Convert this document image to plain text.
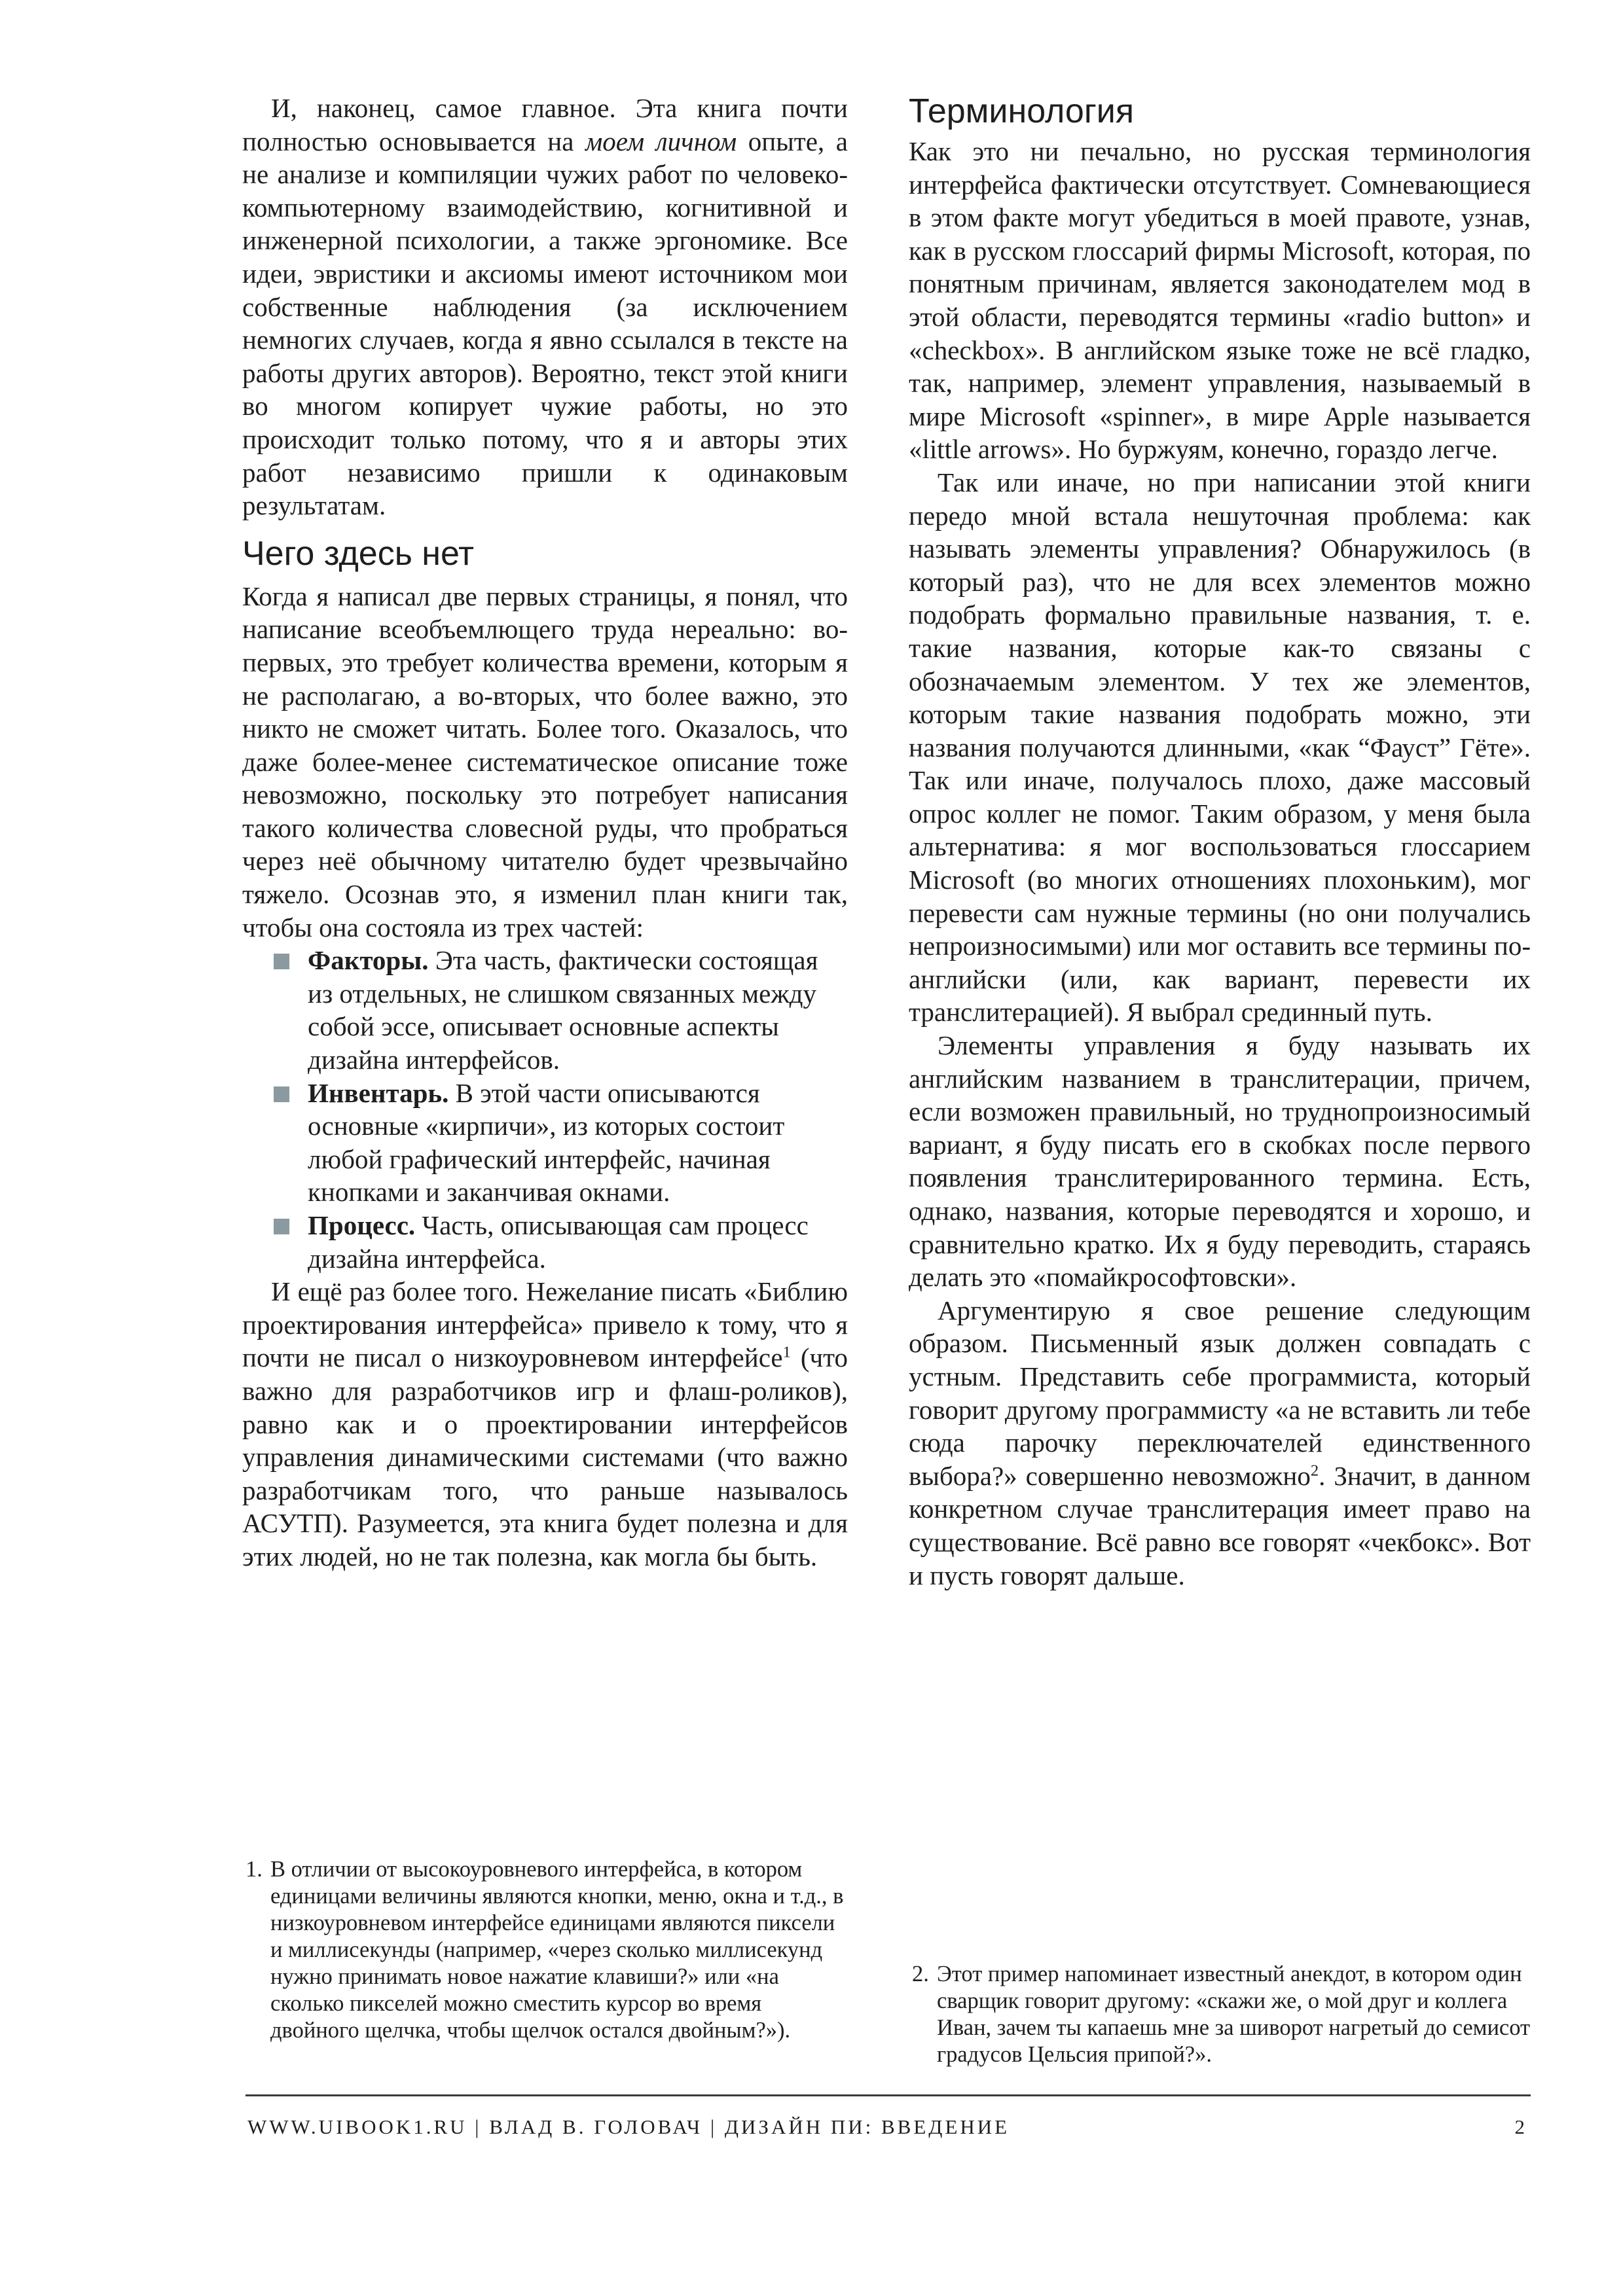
И, наконец, самое главное. Эта книга почти полностью основывается на моем личном опыте, а не анализе и компиляции чужих работ по человеко-компьютерному взаимодействию, когнитивной и инженерной психологии, а также эргономике. Все идеи, эвристики и аксиомы имеют источником мои собственные наблюдения (за исключением немногих случаев, когда я явно ссылался в тексте на работы других авторов). Вероятно, текст этой книги во многом копирует чужие работы, но это происходит только потому, что я и авторы этих работ независимо пришли к одинаковым результатам.

Чего здесь нет

Когда я написал две первых страницы, я понял, что написание всеобъемлющего труда нереально: во-первых, это требует количества времени, которым я не располагаю, а во-вторых, что более важно, это никто не сможет читать. Более того. Оказалось, что даже более-менее систематическое описание тоже невозможно, поскольку это потребует написания такого количества словесной руды, что пробраться через неё обычному читателю будет чрезвычайно тяжело. Осознав это, я изменил план книги так, чтобы она состояла из трех частей:

Факторы. Эта часть, фактически состоящая из отдельных, не слишком связанных между собой эссе, описывает основные аспекты дизайна интерфейсов.
Инвентарь. В этой части описываются основные «кирпичи», из которых состоит любой графический интерфейс, начиная кнопками и заканчивая окнами.
Процесс. Часть, описывающая сам процесс дизайна интерфейса.

И ещё раз более того. Нежелание писать «Библию проектирования интерфейса» привело к тому, что я почти не писал о низкоуровневом интерфейсе$^1$ (что важно для разработчиков игр и флаш-роликов), равно как и о проектировании интерфейсов управления динамическими системами (что важно разработчикам того, что раньше называлось АСУТП). Разумеется, эта книга будет полезна и для этих людей, но не так полезна, как могла бы быть.

Терминология

Как это ни печально, но русская терминология интерфейса фактически отсутствует. Сомневающиеся в этом факте могут убедиться в моей правоте, узнав, как в русском глоссарий фирмы Microsoft, которая, по понятным причинам, является законодателем мод в этой области, переводятся термины «radio button» и «checkbox». В английском языке тоже не всё гладко, так, например, элемент управления, называемый в мире Microsoft «spinner», в мире Apple называется «little arrows». Но буржуям, конечно, гораздо легче.

Так или иначе, но при написании этой книги передо мной встала нешуточная проблема: как называть элементы управления? Обнаружилось (в который раз), что не для всех элементов можно подобрать формально правильные названия, т. е. такие названия, которые как-то связаны с обозначаемым элементом. У тех же элементов, которым такие названия подобрать можно, эти названия получаются длинными, «как “Фауст” Гёте». Так или иначе, получалось плохо, даже массовый опрос коллег не помог. Таким образом, у меня была альтернатива: я мог воспользоваться глоссарием Microsoft (во многих отношениях плохоньким), мог перевести сам нужные термины (но они получались непроизносимыми) или мог оставить все термины по-английски (или, как вариант, перевести их транслитерацией). Я выбрал срединный путь.

Элементы управления я буду называть их английским названием в транслитерации, причем, если возможен правильный, но труднопроизносимый вариант, я буду писать его в скобках после первого появления транслитерированного термина. Есть, однако, названия, которые переводятся и хорошо, и сравнительно кратко. Их я буду переводить, стараясь делать это «помайкрософтовски».

Аргументирую я свое решение следующим образом. Письменный язык должен совпадать с устным. Представить себе программиста, который говорит другому программисту «а не вставить ли тебе сюда парочку переключателей единственного выбора?» совершенно невозможно$^2$. Значит, в данном конкретном случае транслитерация имеет право на существование. Всё равно все говорят «чекбокс». Вот и пусть говорят дальше.

1. В отличии от высокоуровневого интерфейса, в котором единицами величины являются кнопки, меню, окна и т.д., в низкоуровневом интерфейсе единицами являются пиксели и миллисекунды (например, «через сколько миллисекунд нужно принимать новое нажатие клавиши?» или «на сколько пикселей можно сместить курсор во время двойного щелчка, чтобы щелчок остался двойным?»).
2. Этот пример напоминает известный анекдот, в котором один сварщик говорит другому: «скажи же, о мой друг и коллега Иван, зачем ты капаешь мне за шиворот нагретый до семисот градусов Цельсия припой?».
WWW.UIBOOK1.RU | ВЛАД В. ГОЛОВАЧ | ДИЗАЙН ПИ: ВВЕДЕНИЕ	2
